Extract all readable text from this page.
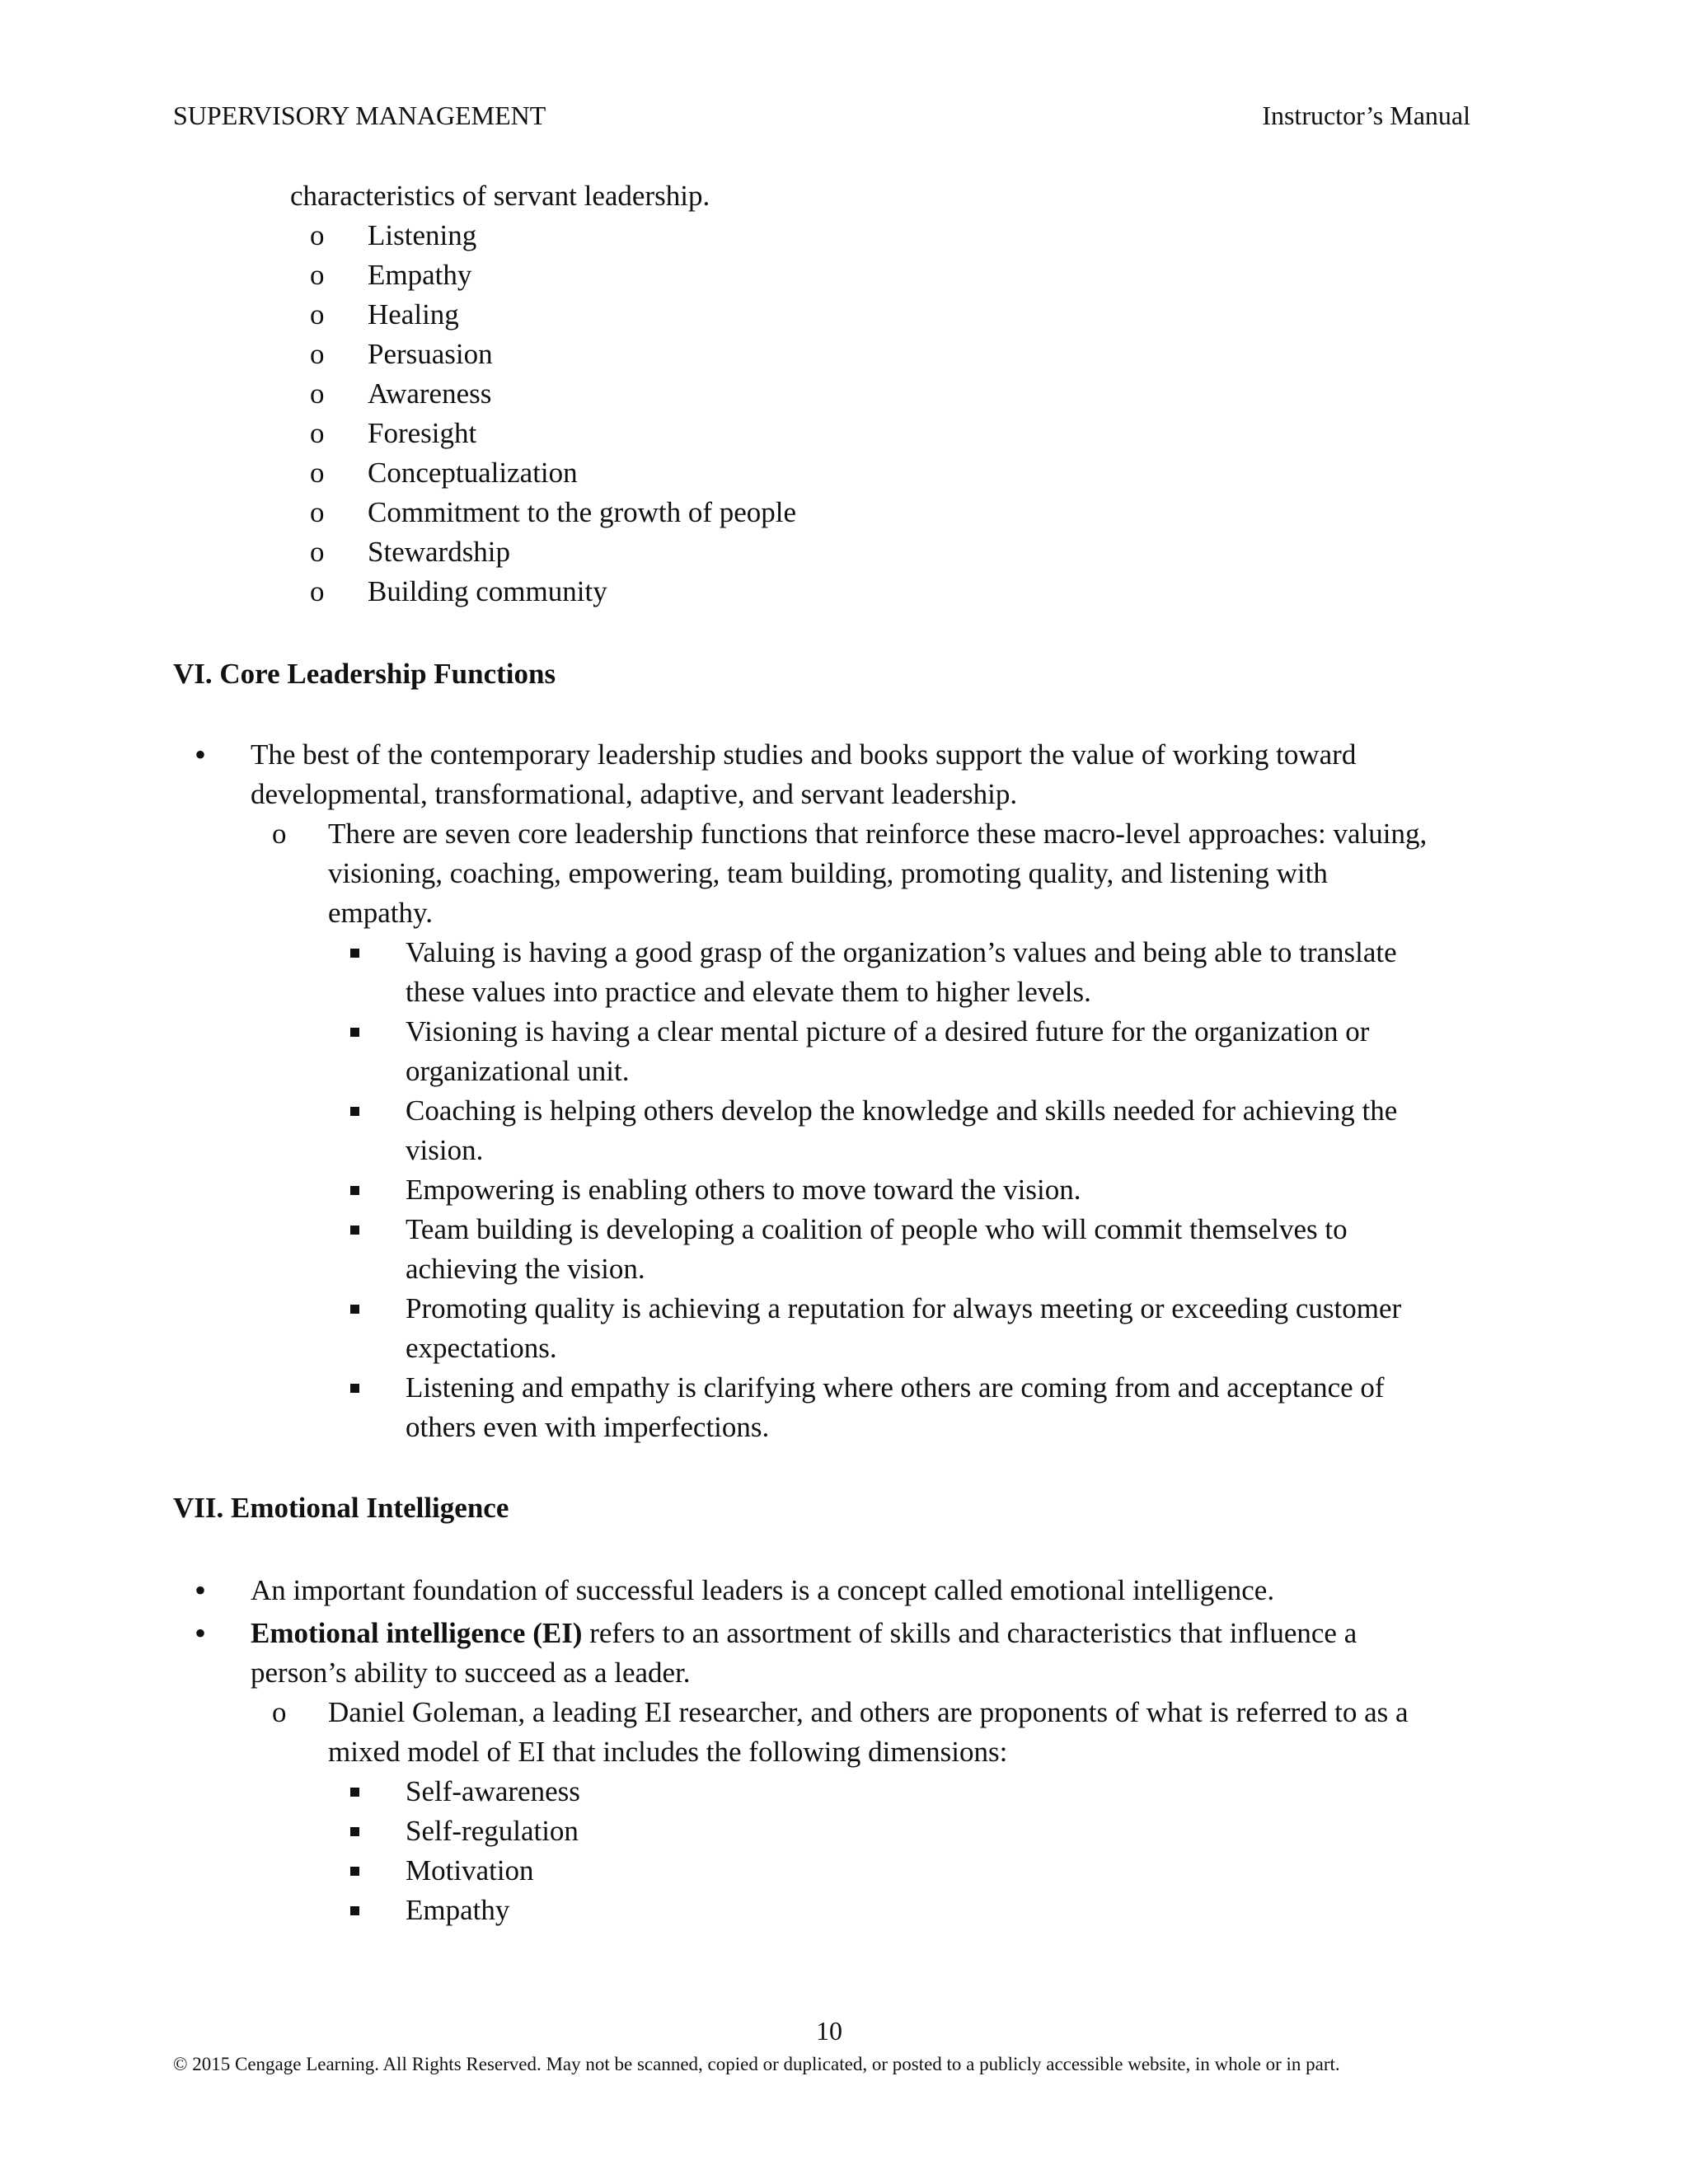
SUPERVISORY MANAGEMENT	Instructor’s Manual
characteristics of servant leadership.
o Listening
o Empathy
o Healing
o Persuasion
o Awareness
o Foresight
o Conceptualization
o Commitment to the growth of people
o Stewardship
o Building community
VI. Core Leadership Functions
• The best of the contemporary leadership studies and books support the value of working toward
developmental, transformational, adaptive, and servant leadership.
o There are seven core leadership functions that reinforce these macro-level approaches: valuing,
visioning, coaching, empowering, team building, promoting quality, and listening with
empathy.
Valuing is having a good grasp of the organization’s values and being able to translate
these values into practice and elevate them to higher levels.
Visioning is having a clear mental picture of a desired future for the organization or
organizational unit.
Coaching is helping others develop the knowledge and skills needed for achieving the
vision.
Empowering is enabling others to move toward the vision.
Team building is developing a coalition of people who will commit themselves to
achieving the vision.
Promoting quality is achieving a reputation for always meeting or exceeding customer
expectations.
Listening and empathy is clarifying where others are coming from and acceptance of
others even with imperfections.
VII. Emotional Intelligence
• An important foundation of successful leaders is a concept called emotional intelligence.
• Emotional intelligence (EI) refers to an assortment of skills and characteristics that influence a
person’s ability to succeed as a leader.
o Daniel Goleman, a leading EI researcher, and others are proponents of what is referred to as a
mixed model of EI that includes the following dimensions:
Self-awareness
Self-regulation
Motivation
Empathy
10
© 2015 Cengage Learning. All Rights Reserved. May not be scanned, copied or duplicated, or posted to a publicly accessible website, in whole or in part.
